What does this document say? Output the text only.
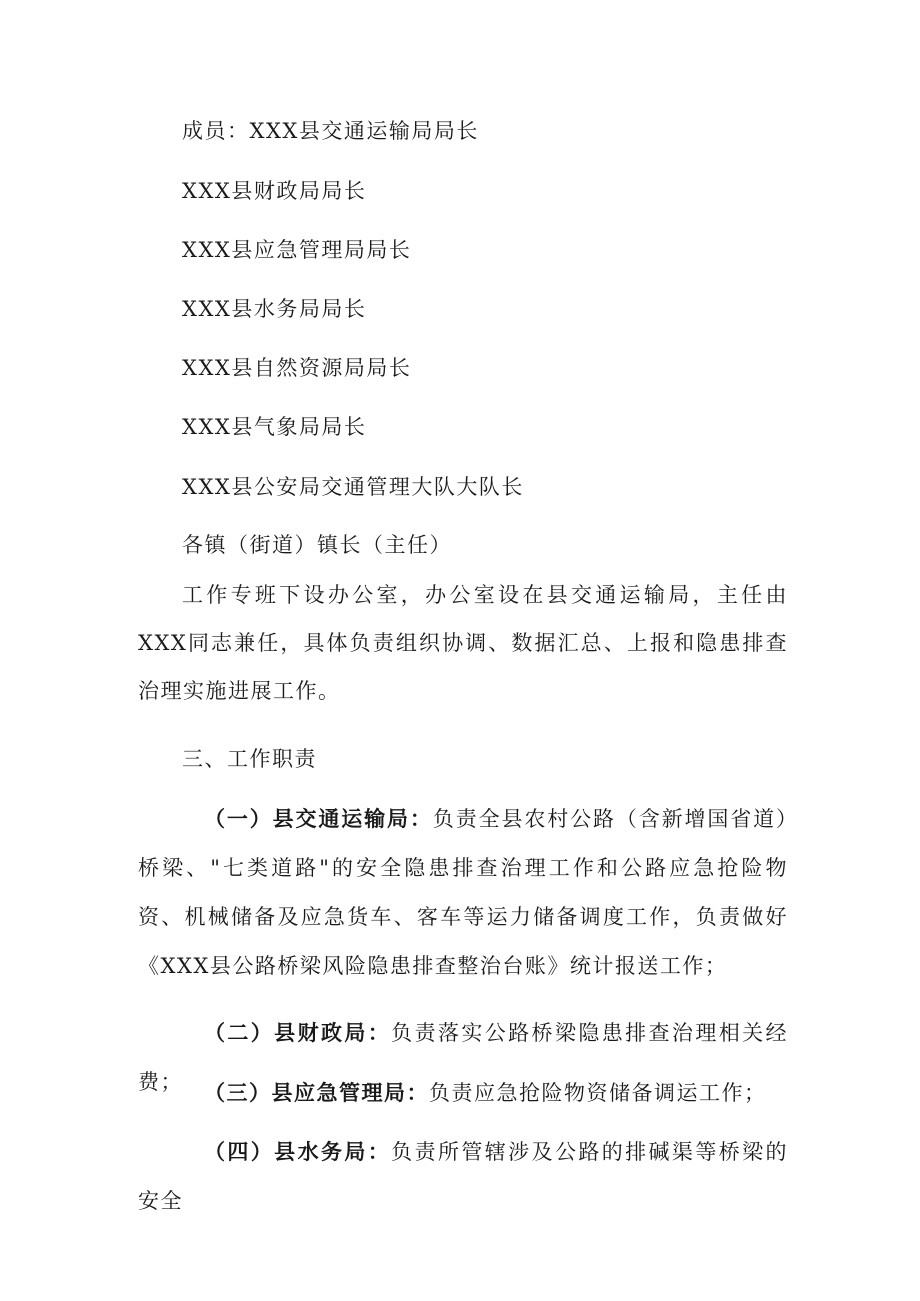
成员：XXX县交通运输局局长
XXX县财政局局长
XXX县应急管理局局长
XXX县水务局局长
XXX县自然资源局局长
XXX县气象局局长
XXX县公安局交通管理大队大队长
各镇（街道）镇长（主任）
工作专班下设办公室，办公室设在县交通运输局，主任由XXX同志兼任，具体负责组织协调、数据汇总、上报和隐患排查治理实施进展工作。
三、工作职责
（一）县交通运输局：负责全县农村公路（含新增国省道）桥梁、"七类道路"的安全隐患排查治理工作和公路应急抢险物资、机械储备及应急货车、客车等运力储备调度工作，负责做好《XXX县公路桥梁风险隐患排查整治台账》统计报送工作；
（二）县财政局：负责落实公路桥梁隐患排查治理相关经费；	（三）县应急管理局：负责应急抢险物资储备调运工作；
（四）县水务局：负责所管辖涉及公路的排碱渠等桥梁的安全
